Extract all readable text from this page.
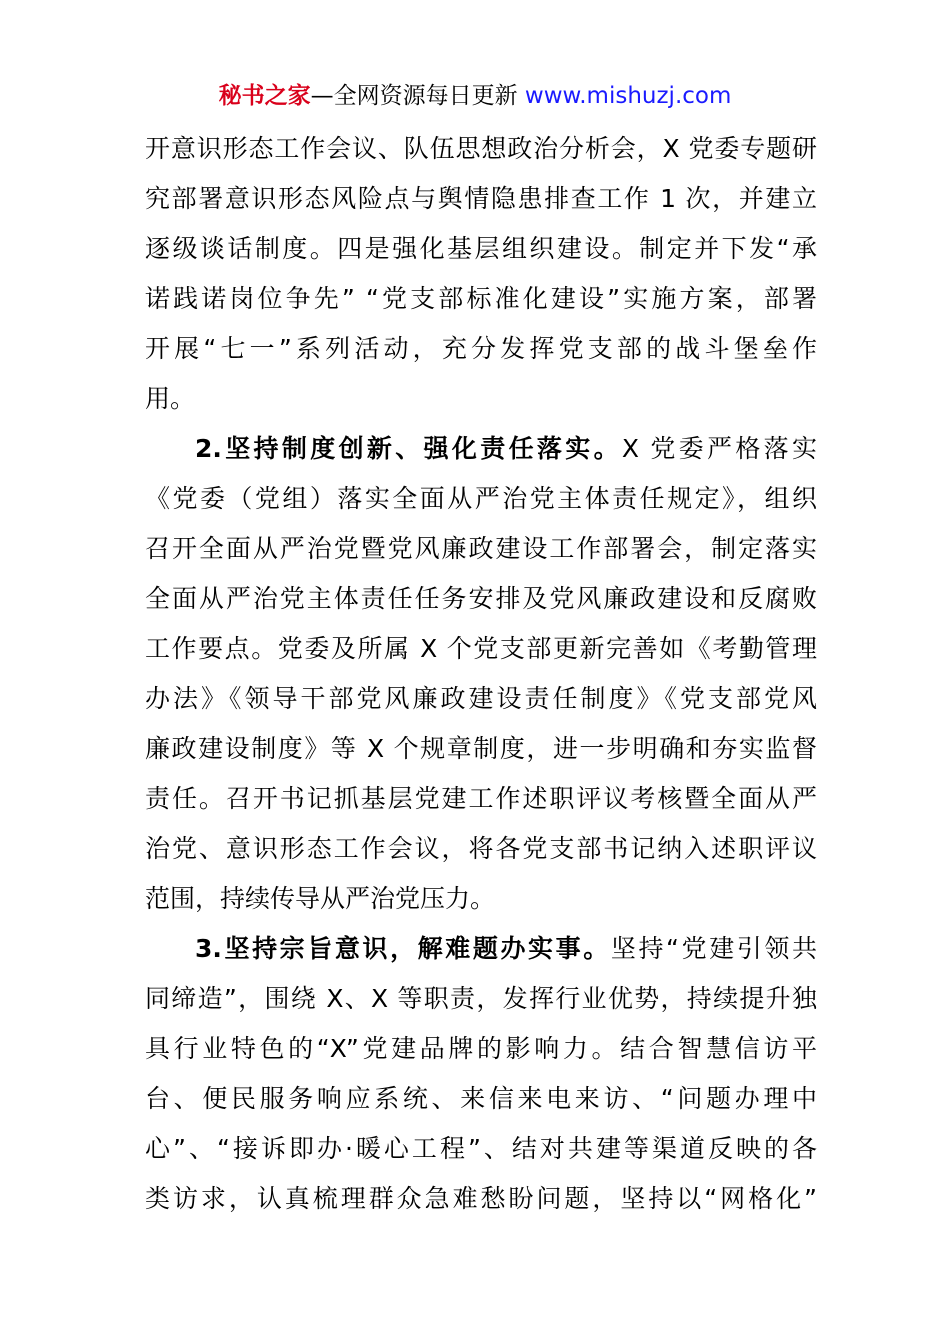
秘书之家—全网资源每日更新 www.mishuzj.com
开意识形态工作会议、队伍思想政治分析会，X 党委专题研
究部署意识形态风险点与舆情隐患排查工作 1 次，并建立
逐级谈话制度。四是强化基层组织建设。制定并下发“承
诺践诺岗位争先” “党支部标准化建设”实施方案，部署
开展“七一”系列活动，充分发挥党支部的战斗堡垒作
用。
2.坚持制度创新、强化责任落实。X 党委严格落实
《党委（党组）落实全面从严治党主体责任规定》，组织
召开全面从严治党暨党风廉政建设工作部署会，制定落实
全面从严治党主体责任任务安排及党风廉政建设和反腐败
工作要点。党委及所属 X 个党支部更新完善如《考勤管理
办法》《领导干部党风廉政建设责任制度》《党支部党风
廉政建设制度》等 X 个规章制度，进一步明确和夯实监督
责任。召开书记抓基层党建工作述职评议考核暨全面从严
治党、意识形态工作会议，将各党支部书记纳入述职评议
范围，持续传导从严治党压力。
3.坚持宗旨意识，解难题办实事。坚持“党建引领共
同缔造”，围绕 X、X 等职责，发挥行业优势，持续提升独
具行业特色的“X”党建品牌的影响力。结合智慧信访平
台、便民服务响应系统、来信来电来访、“问题办理中
心”、“接诉即办·暖心工程”、结对共建等渠道反映的各
类访求，认真梳理群众急难愁盼问题，坚持以“网格化”
